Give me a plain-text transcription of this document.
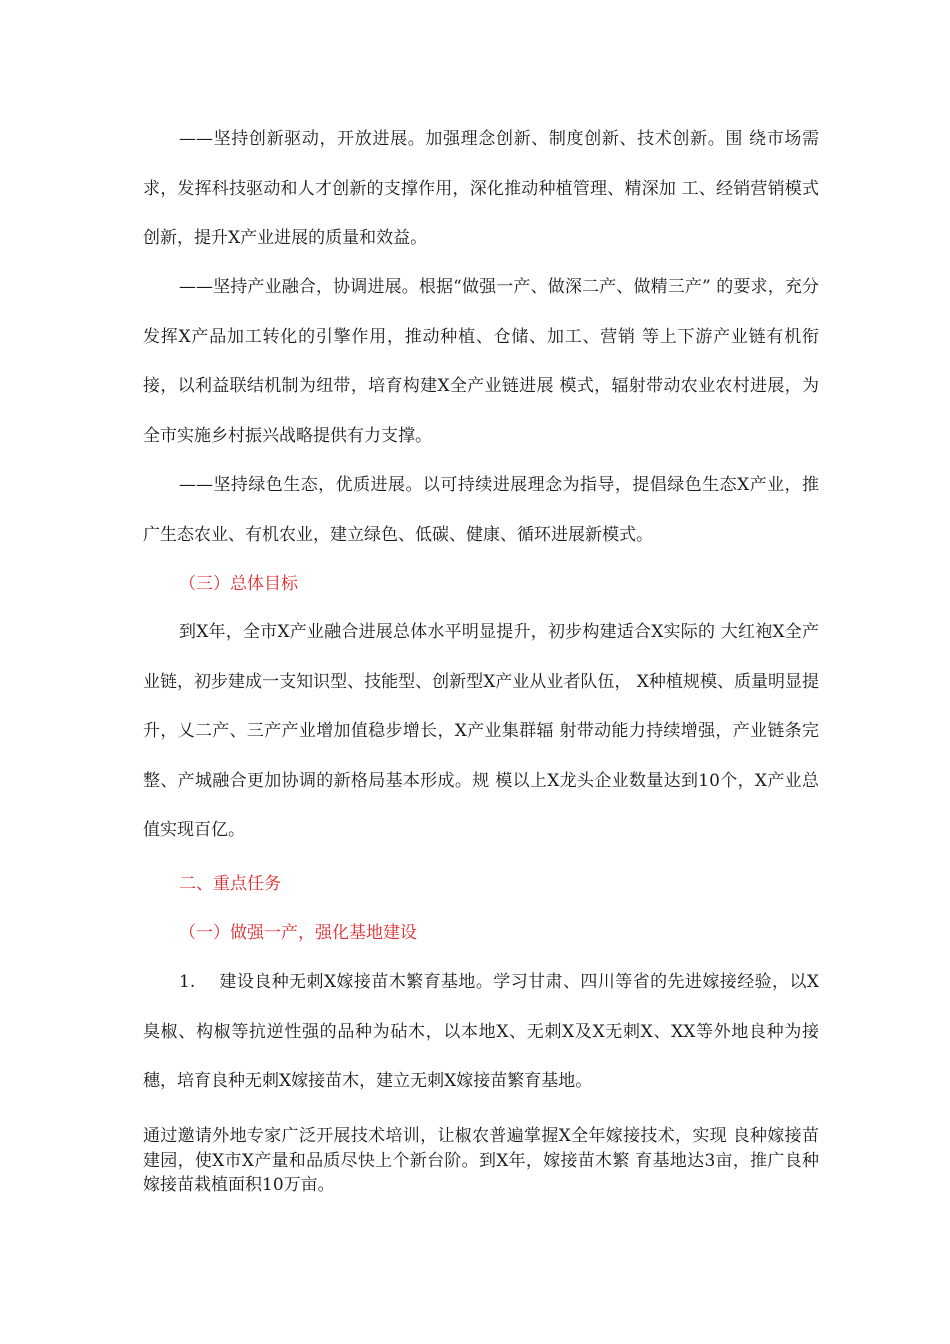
——坚持创新驱动，开放进展。加强理念创新、制度创新、技术创新。围 绕市场需求，发挥科技驱动和人才创新的支撑作用，深化推动种植管理、精深加 工、经销营销模式创新，提升X产业进展的质量和效益。

——坚持产业融合，协调进展。根据“做强一产、做深二产、做精三产” 的要求，充分发挥X产品加工转化的引擎作用，推动种植、仓储、加工、营销 等上下游产业链有机衔接，以利益联结机制为纽带，培育构建X全产业链进展 模式，辐射带动农业农村进展，为全市实施乡村振兴战略提供有力支撑。

——坚持绿色生态，优质进展。以可持续进展理念为指导，提倡绿色生态X产业，推广生态农业、有机农业，建立绿色、低碳、健康、循环进展新模式。

（三）总体目标

到X年，全市X产业融合进展总体水平明显提升，初步构建适合X实际的 大红袍X全产业链，初步建成一支知识型、技能型、创新型X产业从业者队伍， X种植规模、质量明显提升，乂二产、三产产业增加值稳步增长，X产业集群辐 射带动能力持续增强，产业链条完整、产城融合更加协调的新格局基本形成。规 模以上X龙头企业数量达到10个，X产业总值实现百亿。

二、重点任务
（一）做强一产，强化基地建设

1. 建设良种无刺X嫁接苗木繁育基地。学习甘肃、四川等省的先进嫁接经验，以X臭椒、构椒等抗逆性强的品种为砧木，以本地X、无刺X及X无刺X、XX等外地良种为接穗，培育良种无刺X嫁接苗木，建立无刺X嫁接苗繁育基地。

通过邀请外地专家广泛开展技术培训，让椒农普遍掌握X全年嫁接技术，实现 良种嫁接苗建园，使X市X产量和品质尽快上个新台阶。到X年，嫁接苗木繁 育基地达3亩，推广良种嫁接苗栽植面积10万亩。
